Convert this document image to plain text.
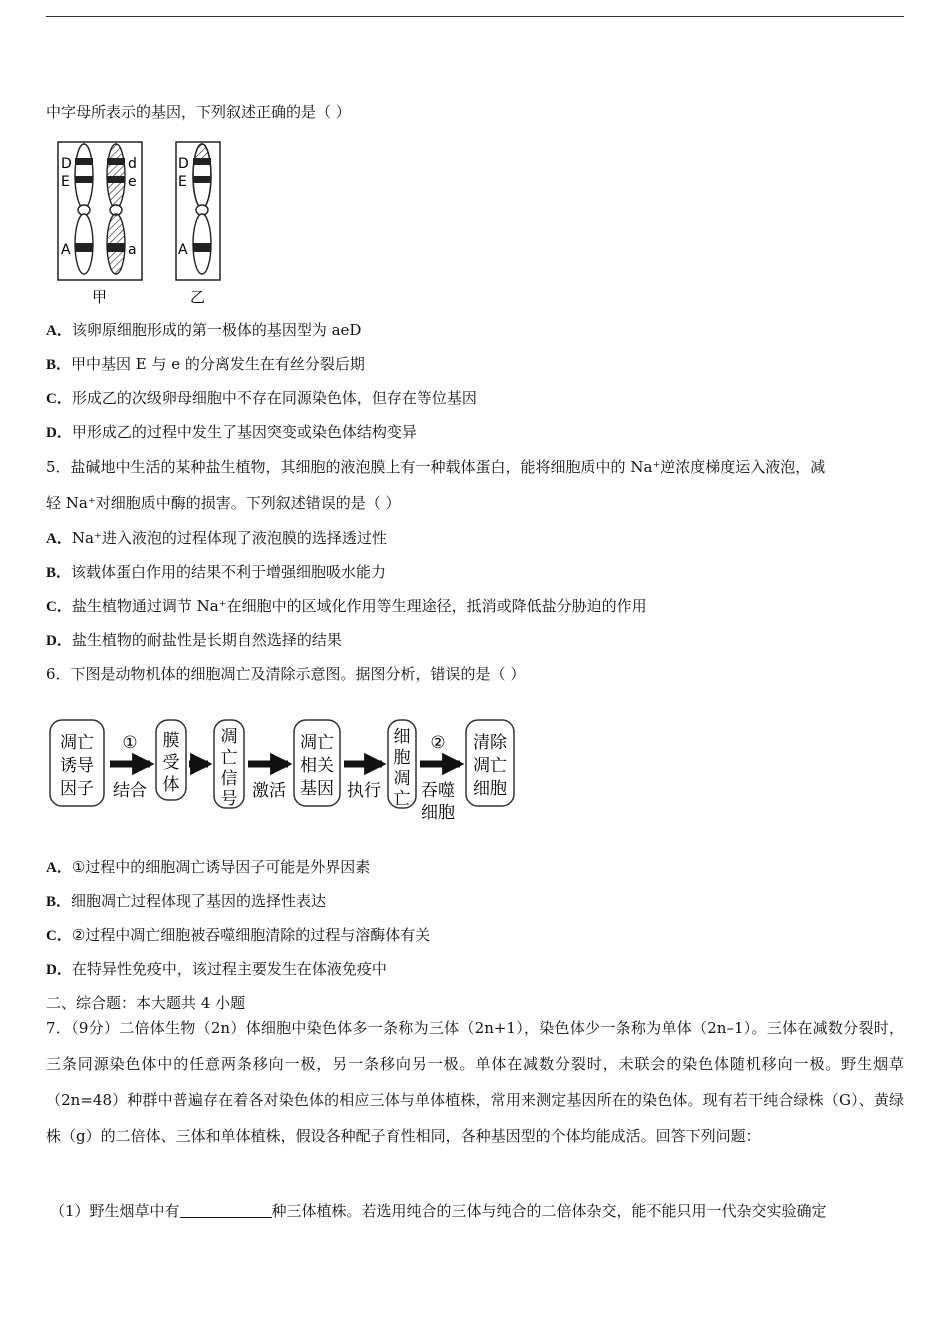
中字母所表示的基因，下列叙述正确的是（ ）
D
E
A
d
e
a
甲
D
E
A
乙
A．该卵原细胞形成的第一极体的基因型为 aeD
B．甲中基因 E 与 e 的分离发生在有丝分裂后期
C．形成乙的次级卵母细胞中不存在同源染色体，但存在等位基因
D．甲形成乙的过程中发生了基因突变或染色体结构变异
5．盐碱地中生活的某种盐生植物，其细胞的液泡膜上有一种载体蛋白，能将细胞质中的 Na⁺逆浓度梯度运入液泡，减
轻 Na⁺对细胞质中酶的损害。下列叙述错误的是（ ）
A．Na⁺进入液泡的过程体现了液泡膜的选择透过性
B．该载体蛋白作用的结果不利于增强细胞吸水能力
C．盐生植物通过调节 Na⁺在细胞中的区域化作用等生理途径，抵消或降低盐分胁迫的作用
D．盐生植物的耐盐性是长期自然选择的结果
6．下图是动物机体的细胞凋亡及清除示意图。据图分析，错误的是（ ）
凋亡
诱导
因子
①
结合
膜
受
体
凋
亡
信
号 激活
凋亡
相关
基因 执行
细
胞
凋
亡
②
吞噬
细胞
清除
凋亡
细胞
A．①过程中的细胞凋亡诱导因子可能是外界因素
B．细胞凋亡过程体现了基因的选择性表达
C．②过程中凋亡细胞被吞噬细胞清除的过程与溶酶体有关
D．在特异性免疫中，该过程主要发生在体液免疫中
二、综合题：本大题共 4 小题
7．（9分）二倍体生物（2n）体细胞中染色体多一条称为三体（2n+1），染色体少一条称为单体（2n–1）。三体在减数分裂时，三条同源染色体中的任意两条移向一极，另一条移向另一极。单体在减数分裂时，未联会的染色体随机移向一极。野生烟草（2n=48）种群中普遍存在着各对染色体的相应三体与单体植株，常用来测定基因所在的染色体。现有若干纯合绿株（G）、黄绿株（g）的二倍体、三体和单体植株，假设各种配子育性相同，各种基因型的个体均能成活。回答下列问题：
（1）野生烟草中有	种三体植株。若选用纯合的三体与纯合的二倍体杂交，能不能只用一代杂交实验确定
